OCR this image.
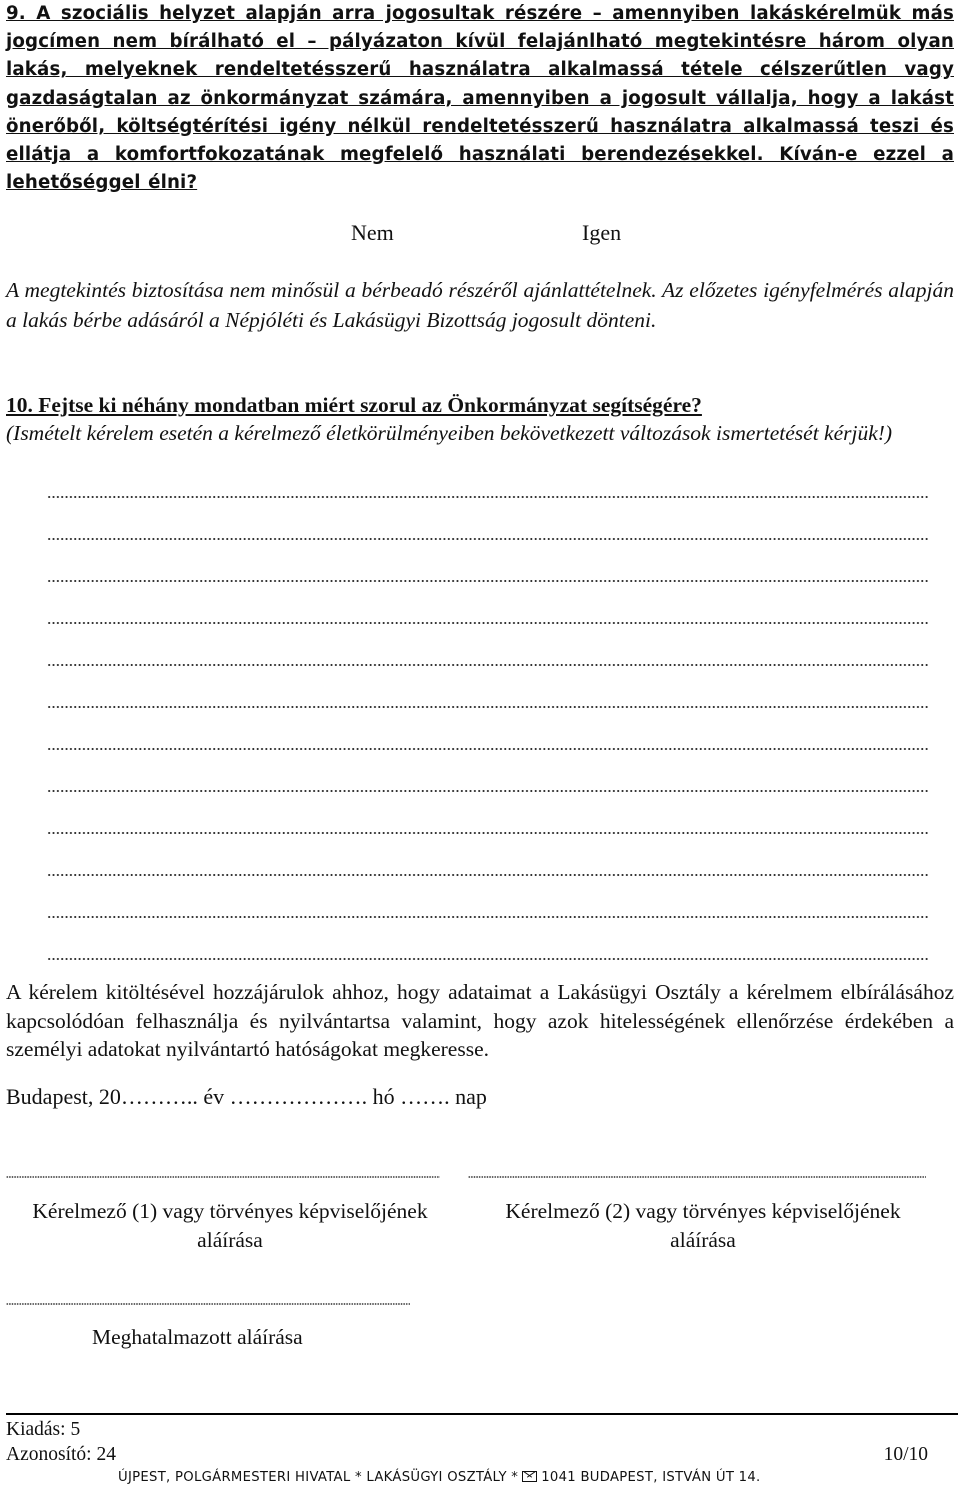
9. A szociális helyzet alapján arra jogosultak részére – amennyiben lakáskérelmük más jogcímen nem bírálható el – pályázaton kívül felajánlható megtekintésre három olyan lakás, melyeknek rendeltetésszerű használatra alkalmassá tétele célszerűtlen vagy gazdaságtalan az önkormányzat számára, amennyiben a jogosult vállalja, hogy a lakást önerőből, költségtérítési igény nélkül rendeltetésszerű használatra alkalmassá teszi és ellátja a komfortfokozatának megfelelő használati berendezésekkel. Kíván-e ezzel a lehetőséggel élni?
Nem	Igen
A megtekintés biztosítása nem minősül a bérbeadó részéről ajánlattételnek. Az előzetes igényfelmérés alapján a lakás bérbe adásáról a Népjóléti és Lakásügyi Bizottság jogosult dönteni.
10. Fejtse ki néhány mondatban miért szorul az Önkormányzat segítségére?
(Ismételt kérelem esetén a kérelmező életkörülményeiben bekövetkezett változások ismertetését kérjük!)
A kérelem kitöltésével hozzájárulok ahhoz, hogy adataimat a Lakásügyi Osztály a kérelmem elbírálásához kapcsolódóan felhasználja és nyilvántartsa valamint, hogy azok hitelességének ellenőrzése érdekében a személyi adatokat nyilvántartó hatóságokat megkeresse.
Budapest, 20……….. év ………………. hó ……. nap
Kérelmező (1) vagy törvényes képviselőjének aláírása
Kérelmező (2) vagy törvényes képviselőjének aláírása
Meghatalmazott aláírása
Kiadás: 5
Azonosító: 24	10/10
ÚJPEST, POLGÁRMESTERI HIVATAL * LAKÁSÜGYI OSZTÁLY * 1041 BUDAPEST, ISTVÁN ÚT 14.
